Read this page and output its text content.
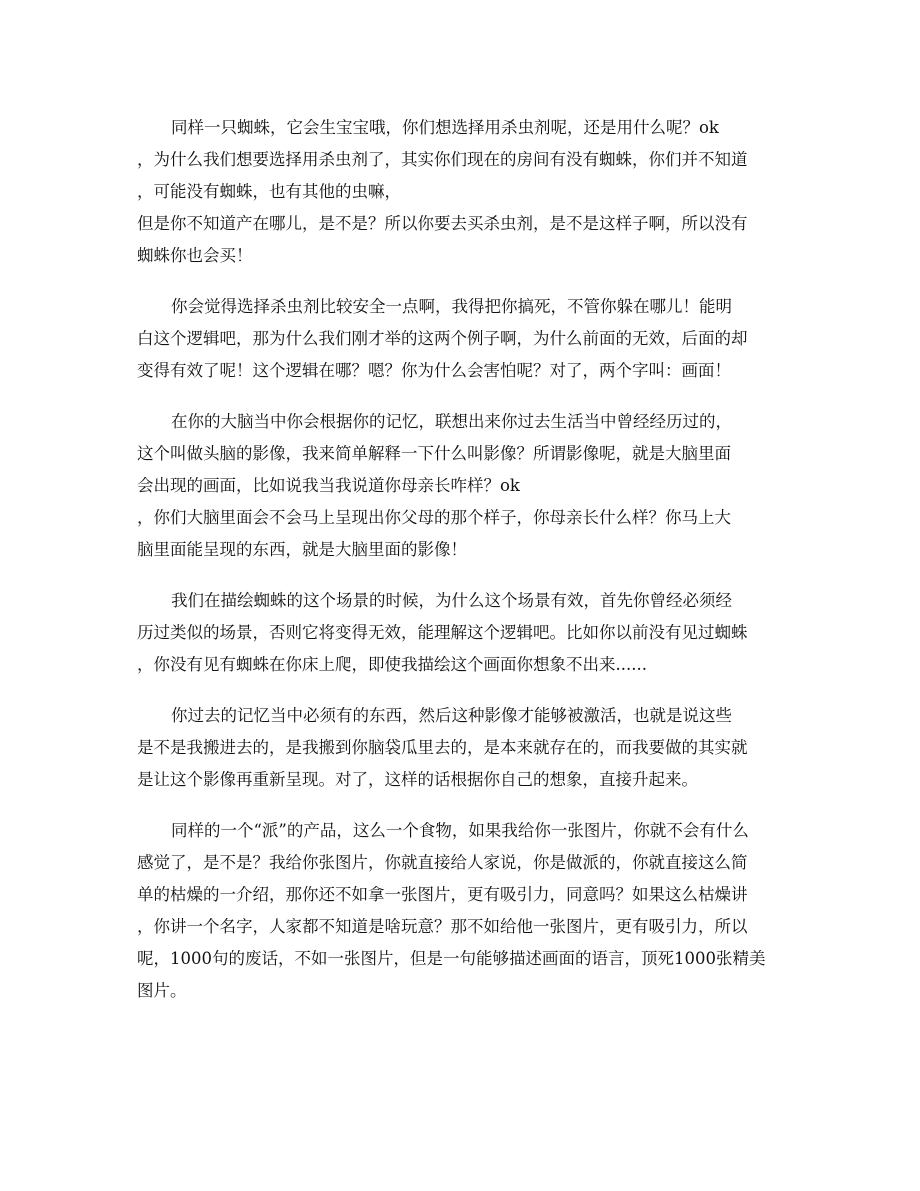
同样一只蜘蛛，它会生宝宝哦，你们想选择用杀虫剂呢，还是用什么呢？ok
，为什么我们想要选择用杀虫剂了，其实你们现在的房间有没有蜘蛛，你们并不知道
，可能没有蜘蛛，也有其他的虫嘛，
但是你不知道产在哪儿，是不是？所以你要去买杀虫剂，是不是这样子啊，所以没有
蜘蛛你也会买！
你会觉得选择杀虫剂比较安全一点啊，我得把你搞死，不管你躲在哪儿！能明
白这个逻辑吧，那为什么我们刚才举的这两个例子啊，为什么前面的无效，后面的却
变得有效了呢！这个逻辑在哪？嗯？你为什么会害怕呢？对了，两个字叫：画面！
在你的大脑当中你会根据你的记忆，联想出来你过去生活当中曾经经历过的，
这个叫做头脑的影像，我来简单解释一下什么叫影像？所谓影像呢，就是大脑里面
会出现的画面，比如说我当我说道你母亲长咋样？ok
，你们大脑里面会不会马上呈现出你父母的那个样子，你母亲长什么样？你马上大
脑里面能呈现的东西，就是大脑里面的影像！
我们在描绘蜘蛛的这个场景的时候，为什么这个场景有效，首先你曾经必须经
历过类似的场景，否则它将变得无效，能理解这个逻辑吧。比如你以前没有见过蜘蛛
，你没有见有蜘蛛在你床上爬，即使我描绘这个画面你想象不出来......
你过去的记忆当中必须有的东西，然后这种影像才能够被激活，也就是说这些
是不是我搬进去的，是我搬到你脑袋瓜里去的，是本来就存在的，而我要做的其实就
是让这个影像再重新呈现。对了，这样的话根据你自己的想象，直接升起来。
同样的一个“派”的产品，这么一个食物，如果我给你一张图片，你就不会有什么
感觉了，是不是？我给你张图片，你就直接给人家说，你是做派的，你就直接这么简
单的枯燥的一介绍，那你还不如拿一张图片，更有吸引力，同意吗？如果这么枯燥讲
，你讲一个名字，人家都不知道是啥玩意？那不如给他一张图片，更有吸引力，所以
呢，1000句的废话，不如一张图片，但是一句能够描述画面的语言，顶死1000张精美
图片。
